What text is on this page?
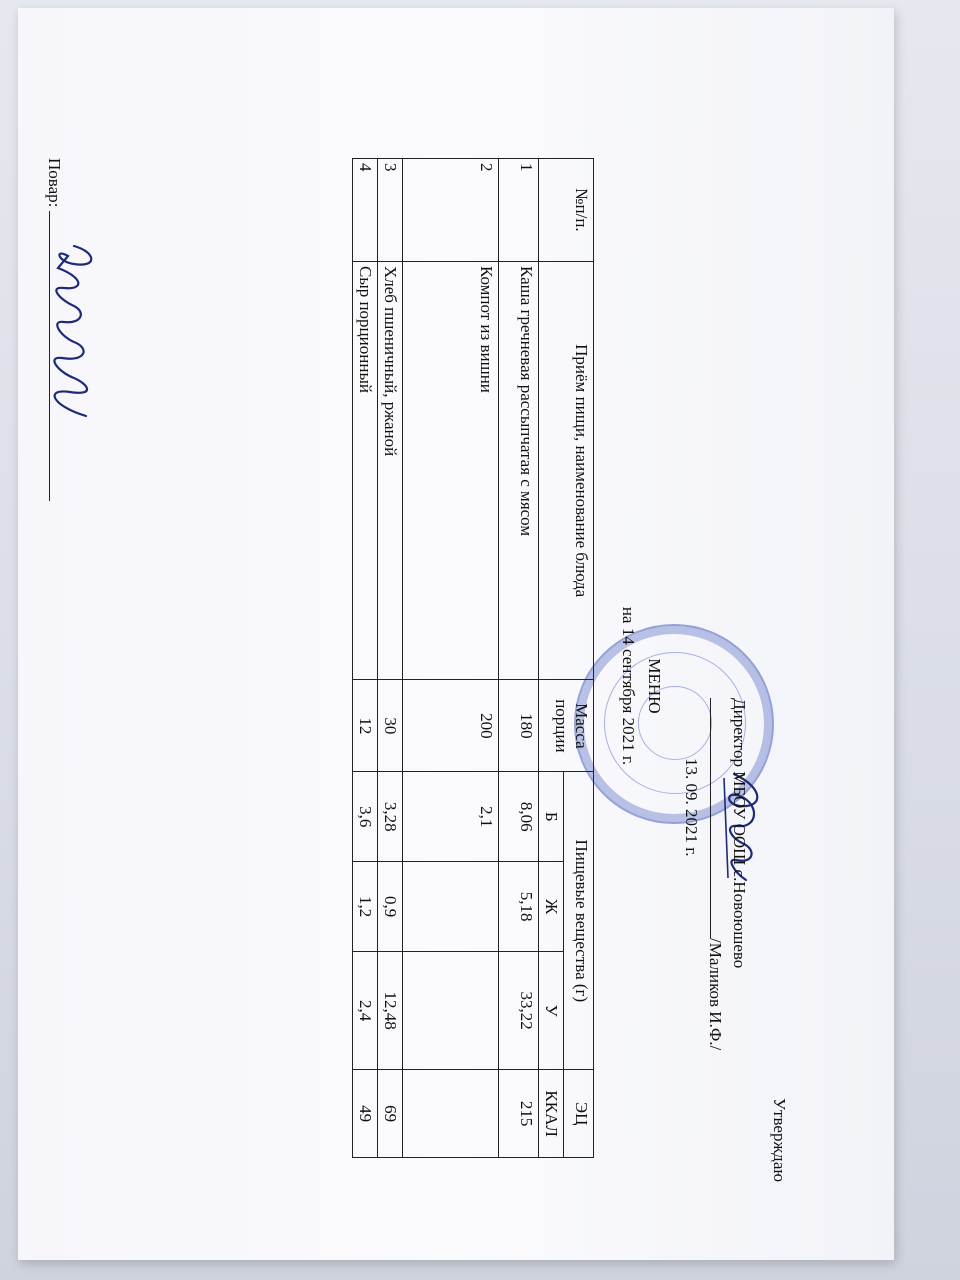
Утверждаю
Директор МБОУ ООШ с.Новоюшево
/Маликов И.Ф./
13. 09. 2021 г.
МЕНЮ
на 14 сентября 2021 г.
№п/п.	Приём пищи, наименование блюда	Масса порции	Пищевые вещества (г)			ЭЦ
			Б	Ж	У	ККАЛ
1	Каша гречневая рассыпчатая с мясом	180	8,06	5,18	33,22	215
2	Компот из вишни	200	2,1			
3	Хлеб пшеничный, ржаной	30	3,28	0,9	12,48	69
4	Сыр порционный	12	3,6	1,2	2,4	49
Повар:
